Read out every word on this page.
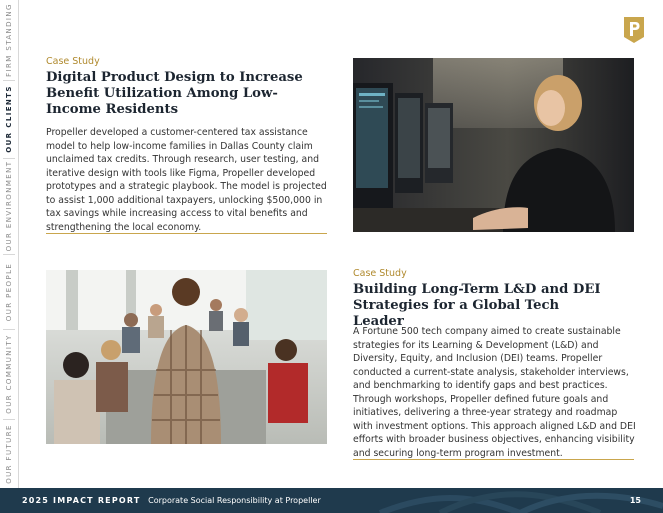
FIRM STANDING
OUR CLIENTS
OUR ENVIRONMENT
OUR PEOPLE
OUR COMMUNITY
OUR FUTURE
Case Study
Digital Product Design to Increase Benefit Utilization Among Low-Income Residents

Propeller developed a customer-centered tax assistance model to help low-income families in Dallas County claim unclaimed tax credits. Through research, user testing, and iterative design with tools like Figma, Propeller developed prototypes and a strategic playbook. The model is projected to assist 1,000 additional taxpayers, unlocking $500,000 in tax savings while increasing access to vital benefits and strengthening the local economy.

Case Study
Building Long-Term L&D and DEI Strategies for a Global Tech Leader

A Fortune 500 tech company aimed to create sustainable strategies for its Learning & Development (L&D) and Diversity, Equity, and Inclusion (DEI) teams. Propeller conducted a current-state analysis, stakeholder interviews, and benchmarking to identify gaps and best practices. Through workshops, Propeller defined future goals and initiatives, delivering a three-year strategy and roadmap with investment options. This approach aligned L&D and DEI efforts with broader business objectives, enhancing visibility and securing long-term program investment.

2025 IMPACT REPORT Corporate Social Responsibility at Propeller	15
